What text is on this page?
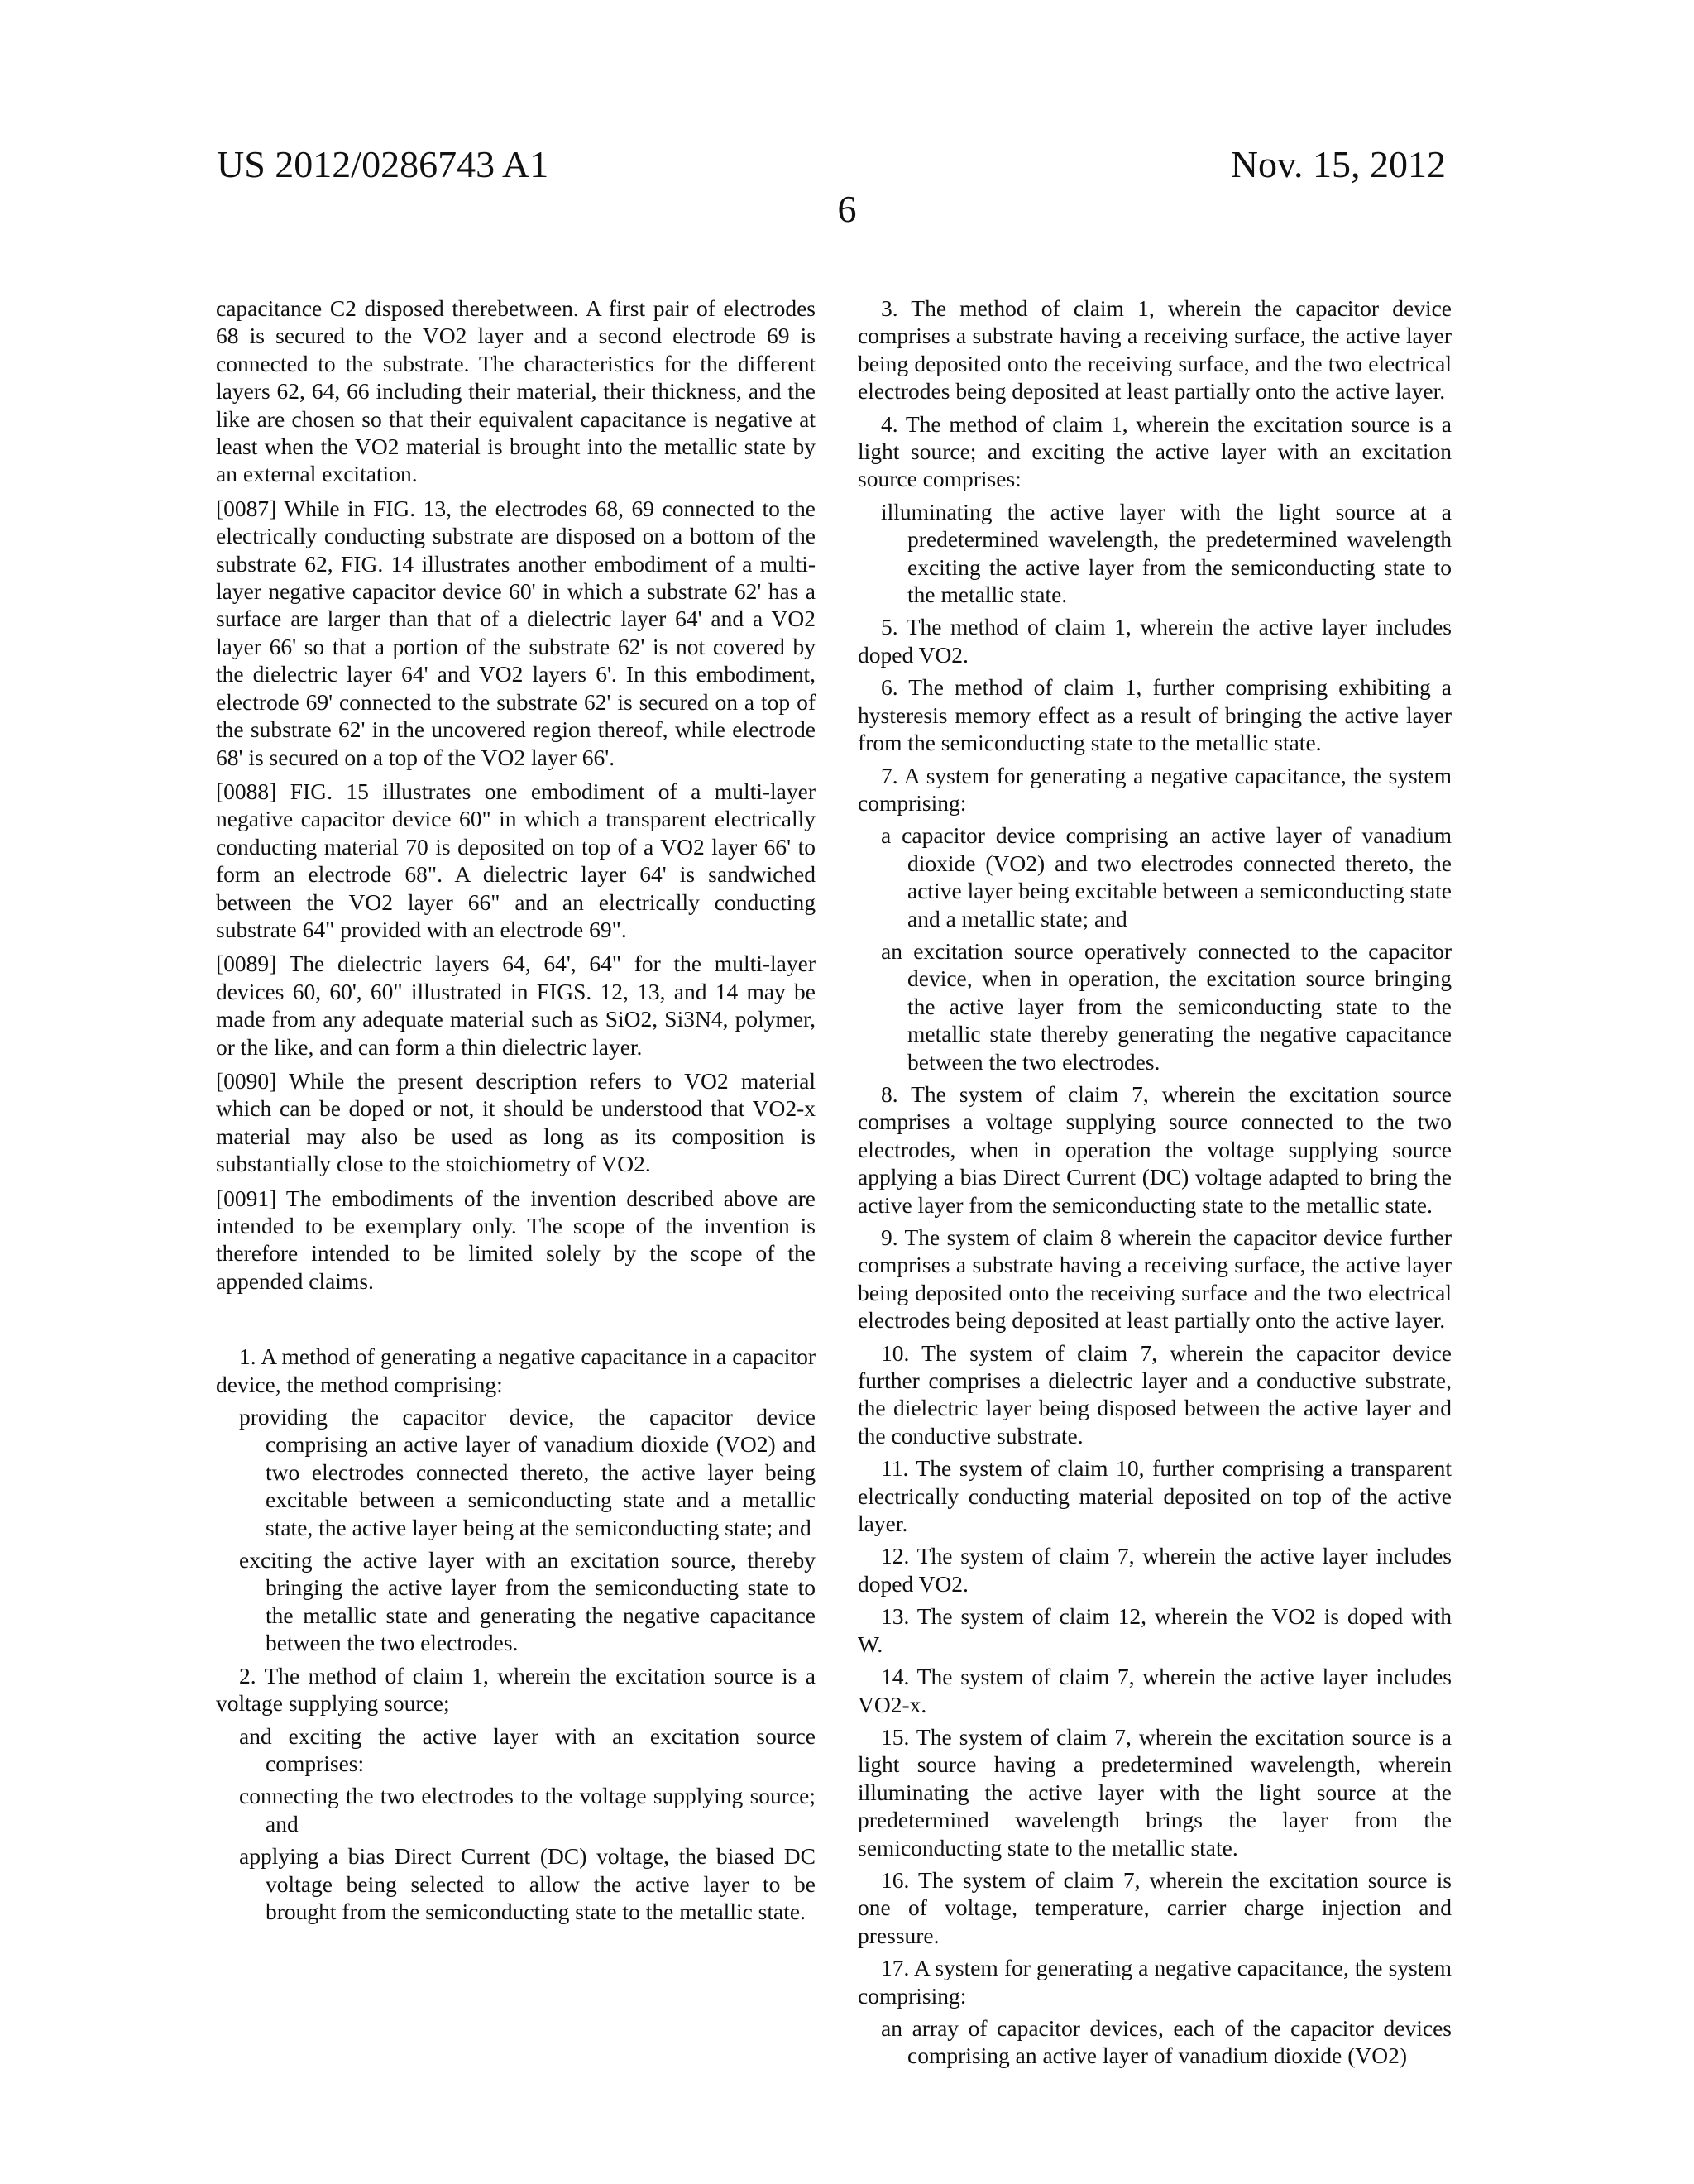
US 2012/0286743 A1	Nov. 15, 2012
6

capacitance C2 disposed therebetween. A first pair of electrodes 68 is secured to the VO2 layer and a second electrode 69 is connected to the substrate. The characteristics for the different layers 62, 64, 66 including their material, their thickness, and the like are chosen so that their equivalent capacitance is negative at least when the VO2 material is brought into the metallic state by an external excitation.

[0087] While in FIG. 13, the electrodes 68, 69 connected to the electrically conducting substrate are disposed on a bottom of the substrate 62, FIG. 14 illustrates another embodiment of a multi-layer negative capacitor device 60' in which a substrate 62' has a surface are larger than that of a dielectric layer 64' and a VO2 layer 66' so that a portion of the substrate 62' is not covered by the dielectric layer 64' and VO2 layers 6'. In this embodiment, electrode 69' connected to the substrate 62' is secured on a top of the substrate 62' in the uncovered region thereof, while electrode 68' is secured on a top of the VO2 layer 66'.

[0088] FIG. 15 illustrates one embodiment of a multi-layer negative capacitor device 60" in which a transparent electrically conducting material 70 is deposited on top of a VO2 layer 66' to form an electrode 68". A dielectric layer 64' is sandwiched between the VO2 layer 66" and an electrically conducting substrate 64" provided with an electrode 69".

[0089] The dielectric layers 64, 64', 64" for the multi-layer devices 60, 60', 60" illustrated in FIGS. 12, 13, and 14 may be made from any adequate material such as SiO2, Si3N4, polymer, or the like, and can form a thin dielectric layer.

[0090] While the present description refers to VO2 material which can be doped or not, it should be understood that VO2-x material may also be used as long as its composition is substantially close to the stoichiometry of VO2.

[0091] The embodiments of the invention described above are intended to be exemplary only. The scope of the invention is therefore intended to be limited solely by the scope of the appended claims.

1. A method of generating a negative capacitance in a capacitor device, the method comprising:

providing the capacitor device, the capacitor device comprising an active layer of vanadium dioxide (VO2) and two electrodes connected thereto, the active layer being excitable between a semiconducting state and a metallic state, the active layer being at the semiconducting state; and

exciting the active layer with an excitation source, thereby bringing the active layer from the semiconducting state to the metallic state and generating the negative capacitance between the two electrodes.

2. The method of claim 1, wherein the excitation source is a voltage supplying source;

and exciting the active layer with an excitation source comprises:

connecting the two electrodes to the voltage supplying source; and

applying a bias Direct Current (DC) voltage, the biased DC voltage being selected to allow the active layer to be brought from the semiconducting state to the metallic state.

3. The method of claim 1, wherein the capacitor device comprises a substrate having a receiving surface, the active layer being deposited onto the receiving surface, and the two electrical electrodes being deposited at least partially onto the active layer.

4. The method of claim 1, wherein the excitation source is a light source; and exciting the active layer with an excitation source comprises:

illuminating the active layer with the light source at a predetermined wavelength, the predetermined wavelength exciting the active layer from the semiconducting state to the metallic state.

5. The method of claim 1, wherein the active layer includes doped VO2.

6. The method of claim 1, further comprising exhibiting a hysteresis memory effect as a result of bringing the active layer from the semiconducting state to the metallic state.

7. A system for generating a negative capacitance, the system comprising:

a capacitor device comprising an active layer of vanadium dioxide (VO2) and two electrodes connected thereto, the active layer being excitable between a semiconducting state and a metallic state; and

an excitation source operatively connected to the capacitor device, when in operation, the excitation source bringing the active layer from the semiconducting state to the metallic state thereby generating the negative capacitance between the two electrodes.

8. The system of claim 7, wherein the excitation source comprises a voltage supplying source connected to the two electrodes, when in operation the voltage supplying source applying a bias Direct Current (DC) voltage adapted to bring the active layer from the semiconducting state to the metallic state.

9. The system of claim 8 wherein the capacitor device further comprises a substrate having a receiving surface, the active layer being deposited onto the receiving surface and the two electrical electrodes being deposited at least partially onto the active layer.

10. The system of claim 7, wherein the capacitor device further comprises a dielectric layer and a conductive substrate, the dielectric layer being disposed between the active layer and the conductive substrate.

11. The system of claim 10, further comprising a transparent electrically conducting material deposited on top of the active layer.

12. The system of claim 7, wherein the active layer includes doped VO2.

13. The system of claim 12, wherein the VO2 is doped with W.

14. The system of claim 7, wherein the active layer includes VO2-x.

15. The system of claim 7, wherein the excitation source is a light source having a predetermined wavelength, wherein illuminating the active layer with the light source at the predetermined wavelength brings the layer from the semiconducting state to the metallic state.

16. The system of claim 7, wherein the excitation source is one of voltage, temperature, carrier charge injection and pressure.

17. A system for generating a negative capacitance, the system comprising:

an array of capacitor devices, each of the capacitor devices comprising an active layer of vanadium dioxide (VO2)
